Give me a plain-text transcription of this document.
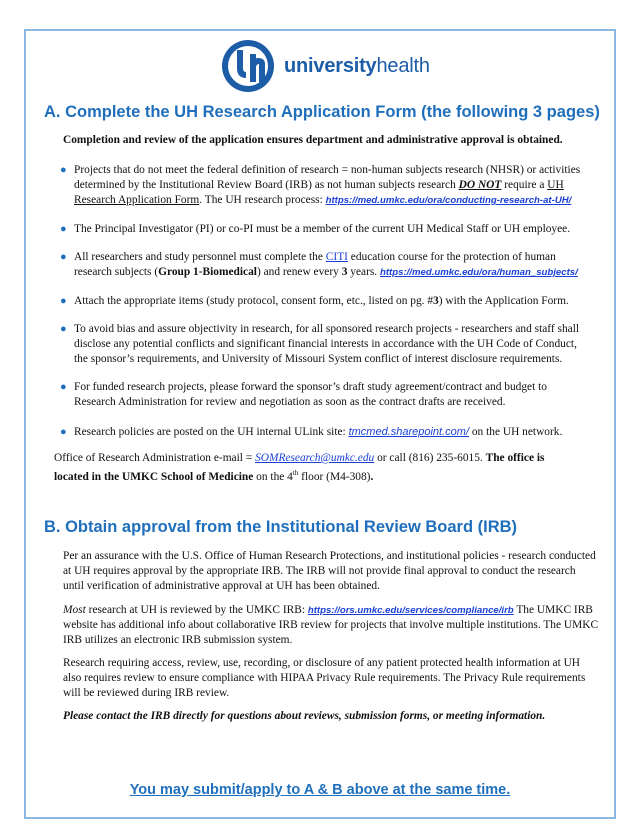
uh
universityhealth
A. Complete the UH Research Application Form (the following 3 pages)
Completion and review of the application ensures department and administrative approval is obtained.
● Projects that do not meet the federal definition of research = non-human subjects research (NHSR) or activities determined by the Institutional Review Board (IRB) as not human subjects research DO NOT require a UH Research Application Form. The UH research process: https://med.umkc.edu/ora/conducting-research-at-UH/
● The Principal Investigator (PI) or co-PI must be a member of the current UH Medical Staff or UH employee.
● All researchers and study personnel must complete the CITI education course for the protection of human research subjects (Group 1-Biomedical) and renew every 3 years. https://med.umkc.edu/ora/human_subjects/
● Attach the appropriate items (study protocol, consent form, etc., listed on pg. #3) with the Application Form.
● To avoid bias and assure objectivity in research, for all sponsored research projects - researchers and staff shall disclose any potential conflicts and significant financial interests in accordance with the UH Code of Conduct, the sponsor’s requirements, and University of Missouri System conflict of interest disclosure requirements.
● For funded research projects, please forward the sponsor’s draft study agreement/contract and budget to Research Administration for review and negotiation as soon as the contract drafts are received.
● Research policies are posted on the UH internal ULink site: tmcmed.sharepoint.com/ on the UH network.
Office of Research Administration e-mail = SOMResearch@umkc.edu or call (816) 235-6015. The office is located in the UMKC School of Medicine on the 4th floor (M4-308).
B. Obtain approval from the Institutional Review Board (IRB)
Per an assurance with the U.S. Office of Human Research Protections, and institutional policies - research conducted at UH requires approval by the appropriate IRB. The IRB will not provide final approval to conduct the research until verification of administrative approval at UH has been obtained.
Most research at UH is reviewed by the UMKC IRB: https://ors.umkc.edu/services/compliance/irb The UMKC IRB website has additional info about collaborative IRB review for projects that involve multiple institutions. The UMKC IRB utilizes an electronic IRB submission system.
Research requiring access, review, use, recording, or disclosure of any patient protected health information at UH also requires review to ensure compliance with HIPAA Privacy Rule requirements. The Privacy Rule requirements will be reviewed during IRB review.
Please contact the IRB directly for questions about reviews, submission forms, or meeting information.
You may submit/apply to A & B above at the same time.
